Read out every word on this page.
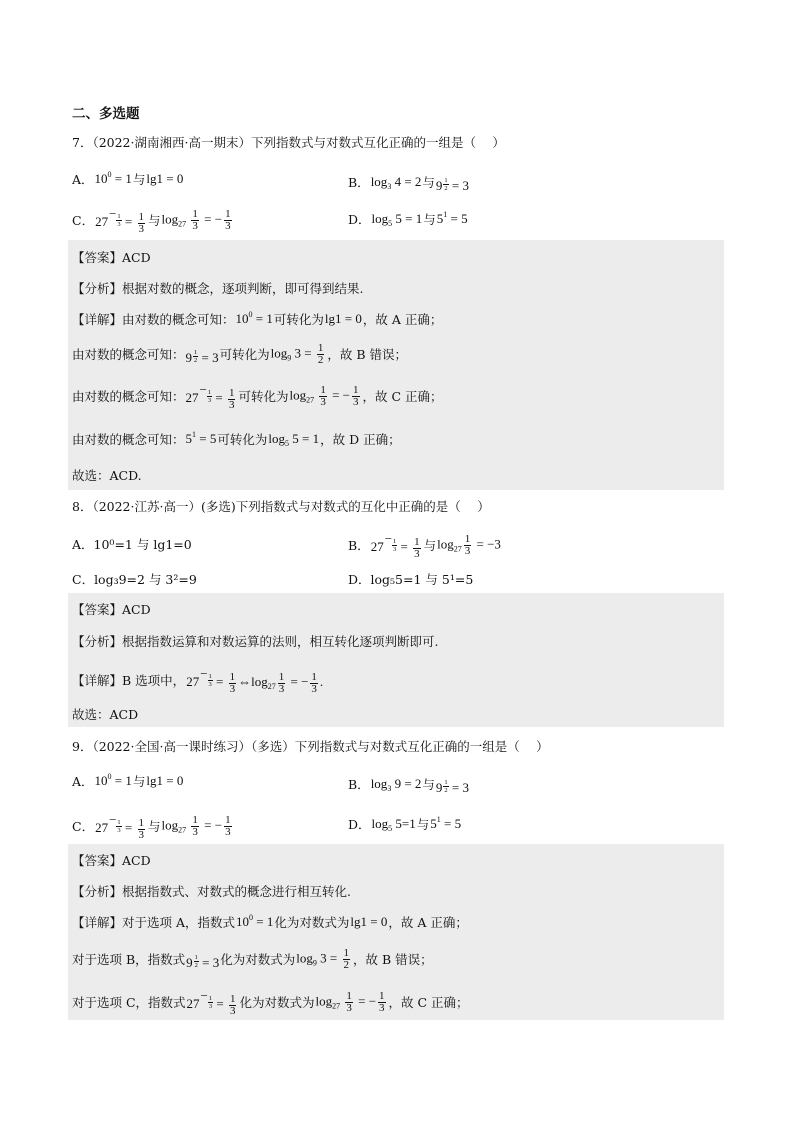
二、多选题
7．（2022·湖南湘西·高一期末）下列指数式与对数式互化正确的一组是（　 ）
A． $10^0 = 1$ 与 lg1 = 0	B． $\log_3 4 = 2$ 与 $9 \frac{1}{2} = 3$
C． $27- \frac{1}{3} = \frac{1}{3}$ 与 $\log_{27} \frac{1}{3}$ = − $\frac{1}{3}$	D． $\log_5 5 = 1$ 与 $5^1 = 5$
【答案】ACD
【分析】根据对数的概念，逐项判断，即可得到结果.
【详解】 由对数的概念可知： $10^0 = 1$ 可转化为 lg1 = 0 ，故 A 正确；
由对数的概念可知： $9 \frac{1}{2} = 3$ 可转化为 $\log_9 3 = \frac{1}{2}$ ，故 B 错误；
由对数的概念可知： $27- \frac{1}{3} = \frac{1}{3}$ 可转化为 $\log_{27} \frac{1}{3}$ = − $\frac{1}{3}$ ，故 C 正确；
由对数的概念可知： $5^1 = 5$ 可转化为 $\log_5 5 = 1$ ，故 D 正确；
故选：ACD.
8．（2022·江苏·高一）(多选)下列指数式与对数式的互化中正确的是（　 ）
A．10⁰=1 与 lg1=0	B． $27- \frac{1}{3} = \frac{1}{3}$ 与 $\log_{27} \frac{1}{3} = -3$
C．log₃9=2 与 3²=9	D．log₅5=1 与 5¹=5
【答案】ACD
【分析】根据指数运算和对数运算的法则，相互转化逐项判断即可.
【详解】 B 选项中， $27- \frac{1}{3} = \frac{1}{3}$ $\Leftrightarrow\log_{27} \frac{1}{3}$ = − $\frac{1}{3}$ .
故选：ACD
9．（2022·全国·高一课时练习）（多选）下列指数式与对数式互化正确的一组是（　 ）
A． $10^0 = 1$ 与 lg1 = 0	B． $\log_3 9 = 2$ 与 $9 \frac{1}{2} = 3$
C． $27- \frac{1}{3} = \frac{1}{3}$ 与 $\log_{27} \frac{1}{3}$ = − $\frac{1}{3}$	D． $\log_5 5=1$ 与 $5^1 = 5$
【答案】ACD
【分析】根据指数式、对数式的概念进行相互转化.
【详解】 对于选项 A，指数式 $10^0 = 1$ 化为对数式为 lg1 = 0 ，故 A 正确；
对于选项 B，指数式 $9 \frac{1}{2} = 3$ 化为对数式为 $\log_9 3 = \frac{1}{2}$ ，故 B 错误；
对于选项 C，指数式 $27- \frac{1}{3} = \frac{1}{3}$ 化为对数式为 $\log_{27} \frac{1}{3}$ = − $\frac{1}{3}$ ，故 C 正确；
